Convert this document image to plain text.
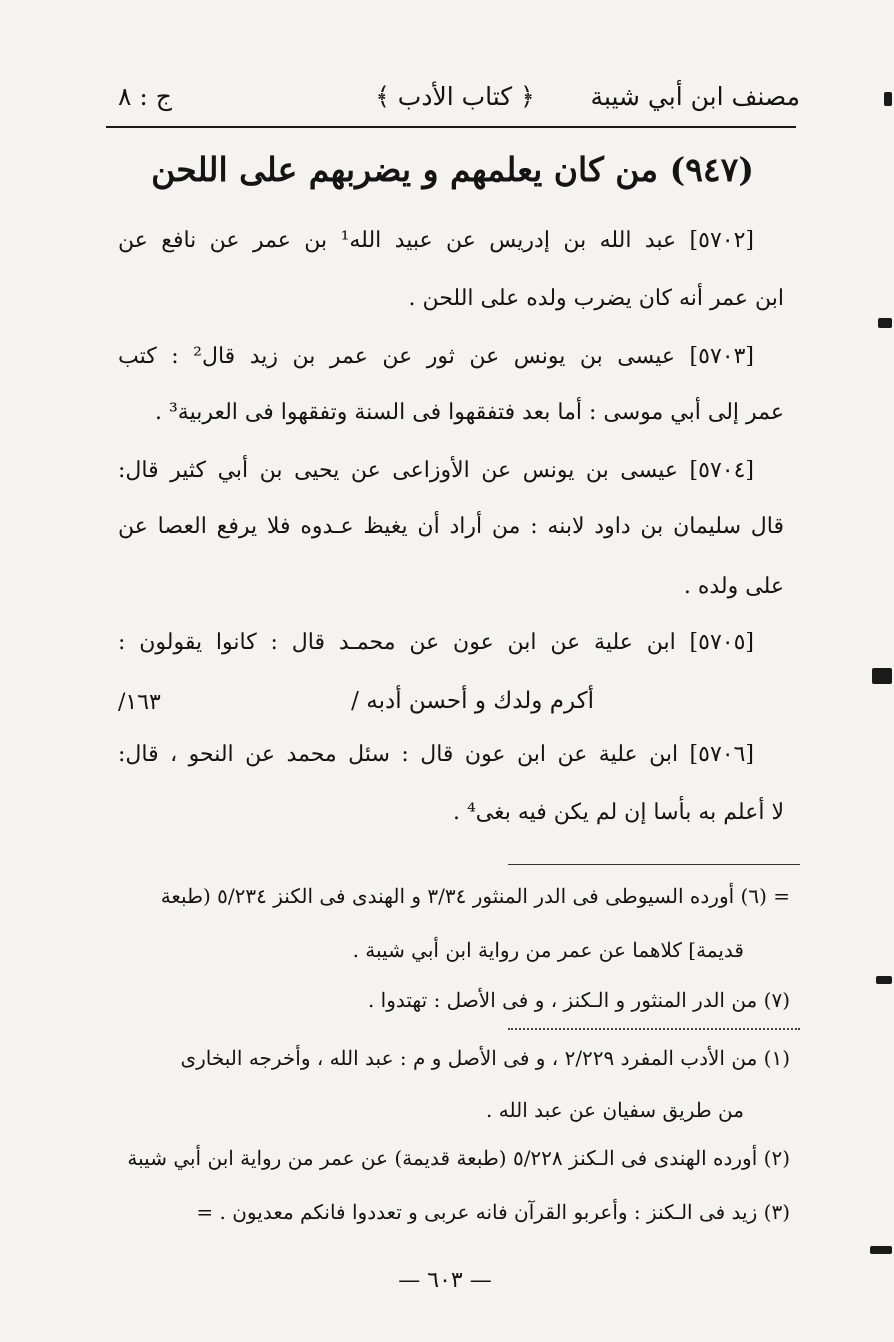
مصنف ابن أبي شيبة
﴿ كتاب الأدب ﴾
ج : ٨
(٩٤٧) من كان يعلمهم و يضربهم على اللحن
[٥٧٠٢] عبد الله بن إدريس عن عبيد الله¹ بن عمر عن نافع عن
ابن عمر أنه كان يضرب ولده على اللحن .
[٥٧٠٣] عيسى بن يونس عن ثور عن عمر بن زيد قال² : كتب
عمر إلى أبي موسى : أما بعد فتفقهوا فى السنة وتفقهوا فى العربية³ .
[٥٧٠٤] عيسى بن يونس عن الأوزاعى عن يحيى بن أبي كثير قال:
قال سليمان بن داود لابنه : من أراد أن يغيظ عـدوه فلا يرفع العصا عن
على ولده .
[٥٧٠٥] ابن علية عن ابن عون عن محمـد قال : كانوا يقولون :
أكرم ولدك و أحسن أدبه /
١٦٣/
[٥٧٠٦] ابن علية عن ابن عون قال : سئل محمد عن النحو ، قال:
لا أعلم به بأسا إن لم يكن فيه بغى⁴ .
= (٦) أورده السيوطى فى الدر المنثور ٣/٣٤ و الهندى فى الكنز ٥/٢٣٤ (طبعة
قديمة] كلاهما عن عمر من رواية ابن أبي شيبة .
(٧) من الدر المنثور و الـكنز ، و فى الأصل : تهتدوا .
(١) من الأدب المفرد ٢/٢٢٩ ، و فى الأصل و م : عبد الله ، وأخرجه البخارى
من طريق سفيان عن عبد الله .
(٢) أورده الهندى فى الـكنز ٥/٢٢٨ (طبعة قديمة) عن عمر من رواية ابن أبي شيبة
(٣) زيد فى الـكنز : وأعربو القرآن فانه عربى و تعددوا فانكم معديون . =
— ٦٠٣ —
